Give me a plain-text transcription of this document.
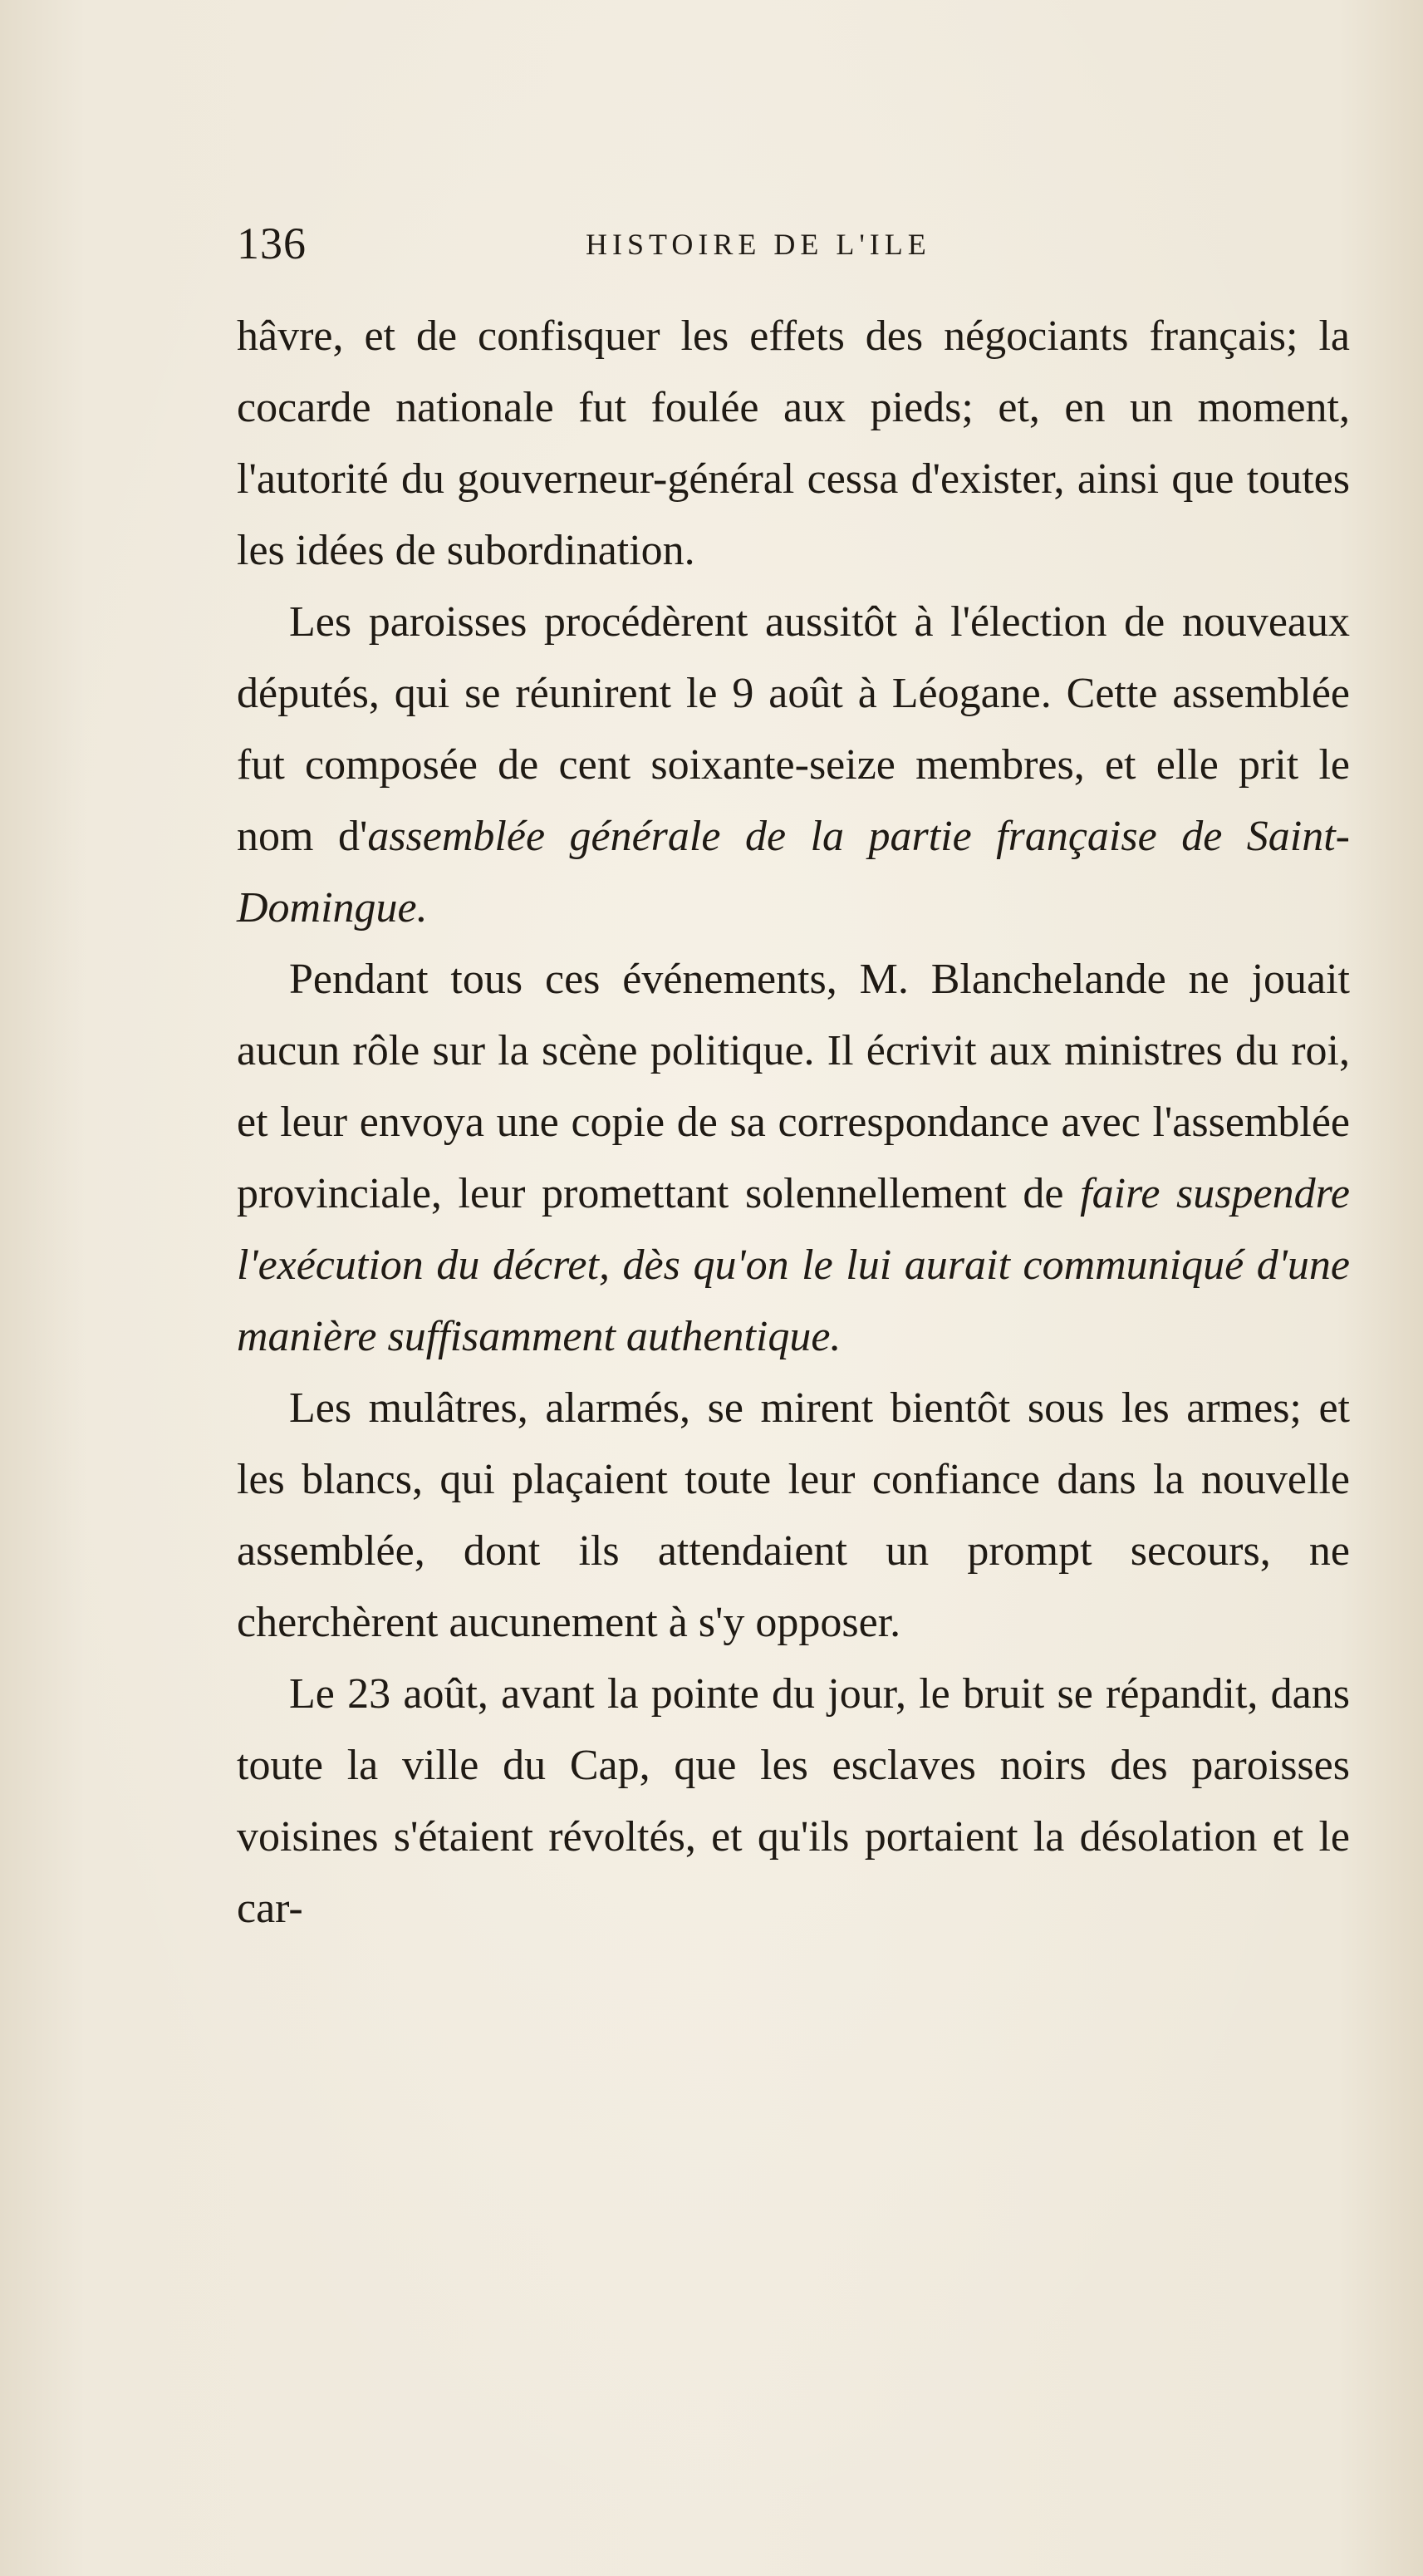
136	HISTOIRE DE L'ILE

hâvre, et de confisquer les effets des négociants français; la cocarde nationale fut foulée aux pieds; et, en un moment, l'autorité du gouverneur-général cessa d'exister, ainsi que toutes les idées de subordination.

Les paroisses procédèrent aussitôt à l'élection de nouveaux députés, qui se réunirent le 9 août à Léogane. Cette assemblée fut composée de cent soixante-seize membres, et elle prit le nom d'assemblée générale de la partie française de Saint-Domingue.

Pendant tous ces événements, M. Blanchelande ne jouait aucun rôle sur la scène politique. Il écrivit aux ministres du roi, et leur envoya une copie de sa correspondance avec l'assemblée provinciale, leur promettant solennellement de faire suspendre l'exécution du décret, dès qu'on le lui aurait communiqué d'une manière suffisamment authentique.

Les mulâtres, alarmés, se mirent bientôt sous les armes; et les blancs, qui plaçaient toute leur confiance dans la nouvelle assemblée, dont ils attendaient un prompt secours, ne cherchèrent aucunement à s'y opposer.

Le 23 août, avant la pointe du jour, le bruit se répandit, dans toute la ville du Cap, que les esclaves noirs des paroisses voisines s'étaient révoltés, et qu'ils portaient la désolation et le car-
